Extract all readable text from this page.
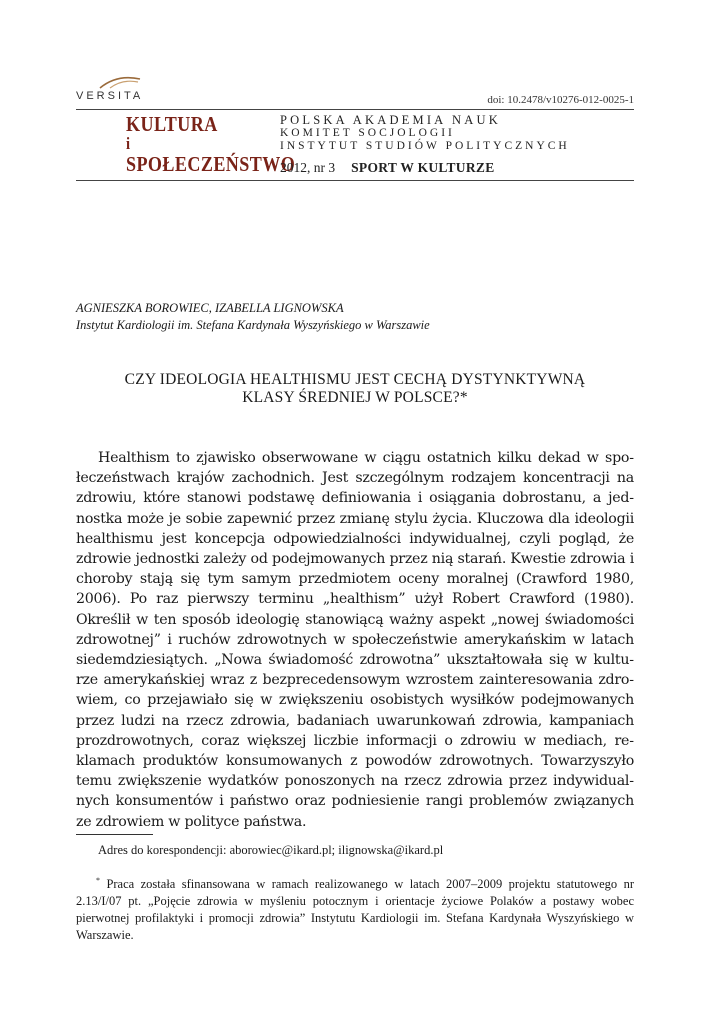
VERSITA	doi: 10.2478/v10276-012-0025-1
KULTURA
i
SPOŁECZEŃSTWO
POLSKA AKADEMIA NAUK
KOMITET SOCJOLOGII
INSTYTUT STUDIÓW POLITYCZNYCH
2012, nr 3 SPORT W KULTURZE
AGNIESZKA BOROWIEC, IZABELLA LIGNOWSKA
Instytut Kardiologii im. Stefana Kardynała Wyszyńskiego w Warszawie
CZY IDEOLOGIA HEALTHISMU JEST CECHĄ DYSTYNKTYWNĄ
KLASY ŚREDNIEJ W POLSCE?*
Healthism to zjawisko obserwowane w ciągu ostatnich kilku dekad w społeczeństwach krajów zachodnich. Jest szczególnym rodzajem koncentracji na zdrowiu, które stanowi podstawę definiowania i osiągania dobrostanu, a jednostka może je sobie zapewnić przez zmianę stylu życia. Kluczowa dla ideologii healthismu jest koncepcja odpowiedzialności indywidualnej, czyli pogląd, że zdrowie jednostki zależy od podejmowanych przez nią starań. Kwestie zdrowia i choroby stają się tym samym przedmiotem oceny moralnej (Crawford 1980, 2006). Po raz pierwszy terminu „healthism” użył Robert Crawford (1980). Określił w ten sposób ideologię stanowiącą ważny aspekt „nowej świadomości zdrowotnej” i ruchów zdrowotnych w społeczeństwie amerykańskim w latach siedemdziesiątych. „Nowa świadomość zdrowotna” ukształtowała się w kulturze amerykańskiej wraz z bezprecedensowym wzrostem zainteresowania zdrowiem, co przejawiało się w zwiększeniu osobistych wysiłków podejmowanych przez ludzi na rzecz zdrowia, badaniach uwarunkowań zdrowia, kampaniach prozdrowotnych, coraz większej liczbie informacji o zdrowiu w mediach, reklamach produktów konsumowanych z powodów zdrowotnych. Towarzyszyło temu zwiększenie wydatków ponoszonych na rzecz zdrowia przez indywidualnych konsumentów i państwo oraz podniesienie rangi problemów związanych ze zdrowiem w polityce państwa.
Adres do korespondencji: aborowiec@ikard.pl; ilignowska@ikard.pl
* Praca została sfinansowana w ramach realizowanego w latach 2007–2009 projektu statutowego nr 2.13/I/07 pt. „Pojęcie zdrowia w myśleniu potocznym i orientacje życiowe Polaków a postawy wobec pierwotnej profilaktyki i promocji zdrowia” Instytutu Kardiologii im. Stefana Kardynała Wyszyńskiego w Warszawie.
